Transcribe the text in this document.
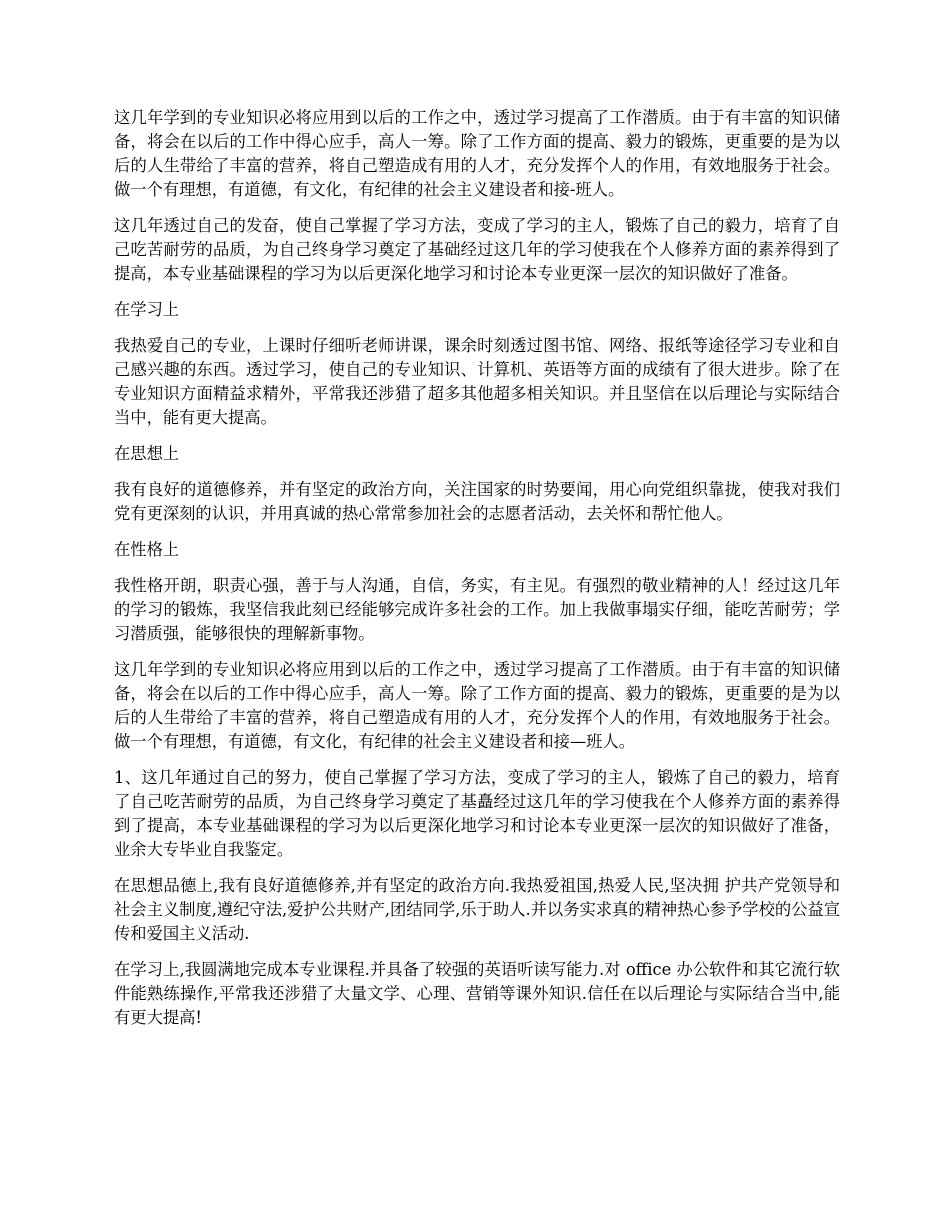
这几年学到的专业知识必将应用到以后的工作之中，透过学习提高了工作潜质。由于有丰富的知识储备，将会在以后的工作中得心应手，高人一筹。除了工作方面的提高、毅力的锻炼，更重要的是为以后的人生带给了丰富的营养，将自己塑造成有用的人才，充分发挥个人的作用，有效地服务于社会。做一个有理想，有道德，有文化，有纪律的社会主义建设者和接-班人。

这几年透过自己的发奋，使自己掌握了学习方法，变成了学习的主人，锻炼了自己的毅力，培育了自己吃苦耐劳的品质，为自己终身学习奠定了基础经过这几年的学习使我在个人修养方面的素养得到了提高，本专业基础课程的学习为以后更深化地学习和讨论本专业更深一层次的知识做好了准备。

在学习上

我热爱自己的专业，上课时仔细听老师讲课，课余时刻透过图书馆、网络、报纸等途径学习专业和自己感兴趣的东西。透过学习，使自己的专业知识、计算机、英语等方面的成绩有了很大进步。除了在专业知识方面精益求精外，平常我还涉猎了超多其他超多相关知识。并且坚信在以后理论与实际结合当中，能有更大提高。

在思想上

我有良好的道德修养，并有坚定的政治方向，关注国家的时势要闻，用心向党组织靠拢，使我对我们党有更深刻的认识，并用真诚的热心常常参加社会的志愿者活动，去关怀和帮忙他人。

在性格上

我性格开朗，职责心强，善于与人沟通，自信，务实，有主见。有强烈的敬业精神的人！经过这几年的学习的锻炼，我坚信我此刻已经能够完成许多社会的工作。加上我做事塌实仔细，能吃苦耐劳；学习潜质强，能够很快的理解新事物。

这几年学到的专业知识必将应用到以后的工作之中，透过学习提高了工作潜质。由于有丰富的知识储备，将会在以后的工作中得心应手，高人一筹。除了工作方面的提高、毅力的锻炼，更重要的是为以后的人生带给了丰富的营养，将自己塑造成有用的人才，充分发挥个人的作用，有效地服务于社会。做一个有理想，有道德，有文化，有纪律的社会主义建设者和接—班人。

1、这几年通过自己的努力，使自己掌握了学习方法，变成了学习的主人，锻炼了自己的毅力，培育了自己吃苦耐劳的品质，为自己终身学习奠定了基矗经过这几年的学习使我在个人修养方面的素养得到了提高，本专业基础课程的学习为以后更深化地学习和讨论本专业更深一层次的知识做好了准备，业余大专毕业自我鉴定。

在思想品德上,我有良好道德修养,并有坚定的政治方向.我热爱祖国,热爱人民,坚决拥 护共产党领导和社会主义制度,遵纪守法,爱护公共财产,团结同学,乐于助人.并以务实求真的精神热心参予学校的公益宣传和爱国主义活动.

在学习上,我圆满地完成本专业课程.并具备了较强的英语听读写能力.对 office 办公软件和其它流行软件能熟练操作,平常我还涉猎了大量文学、心理、营销等课外知识.信任在以后理论与实际结合当中,能有更大提高!
